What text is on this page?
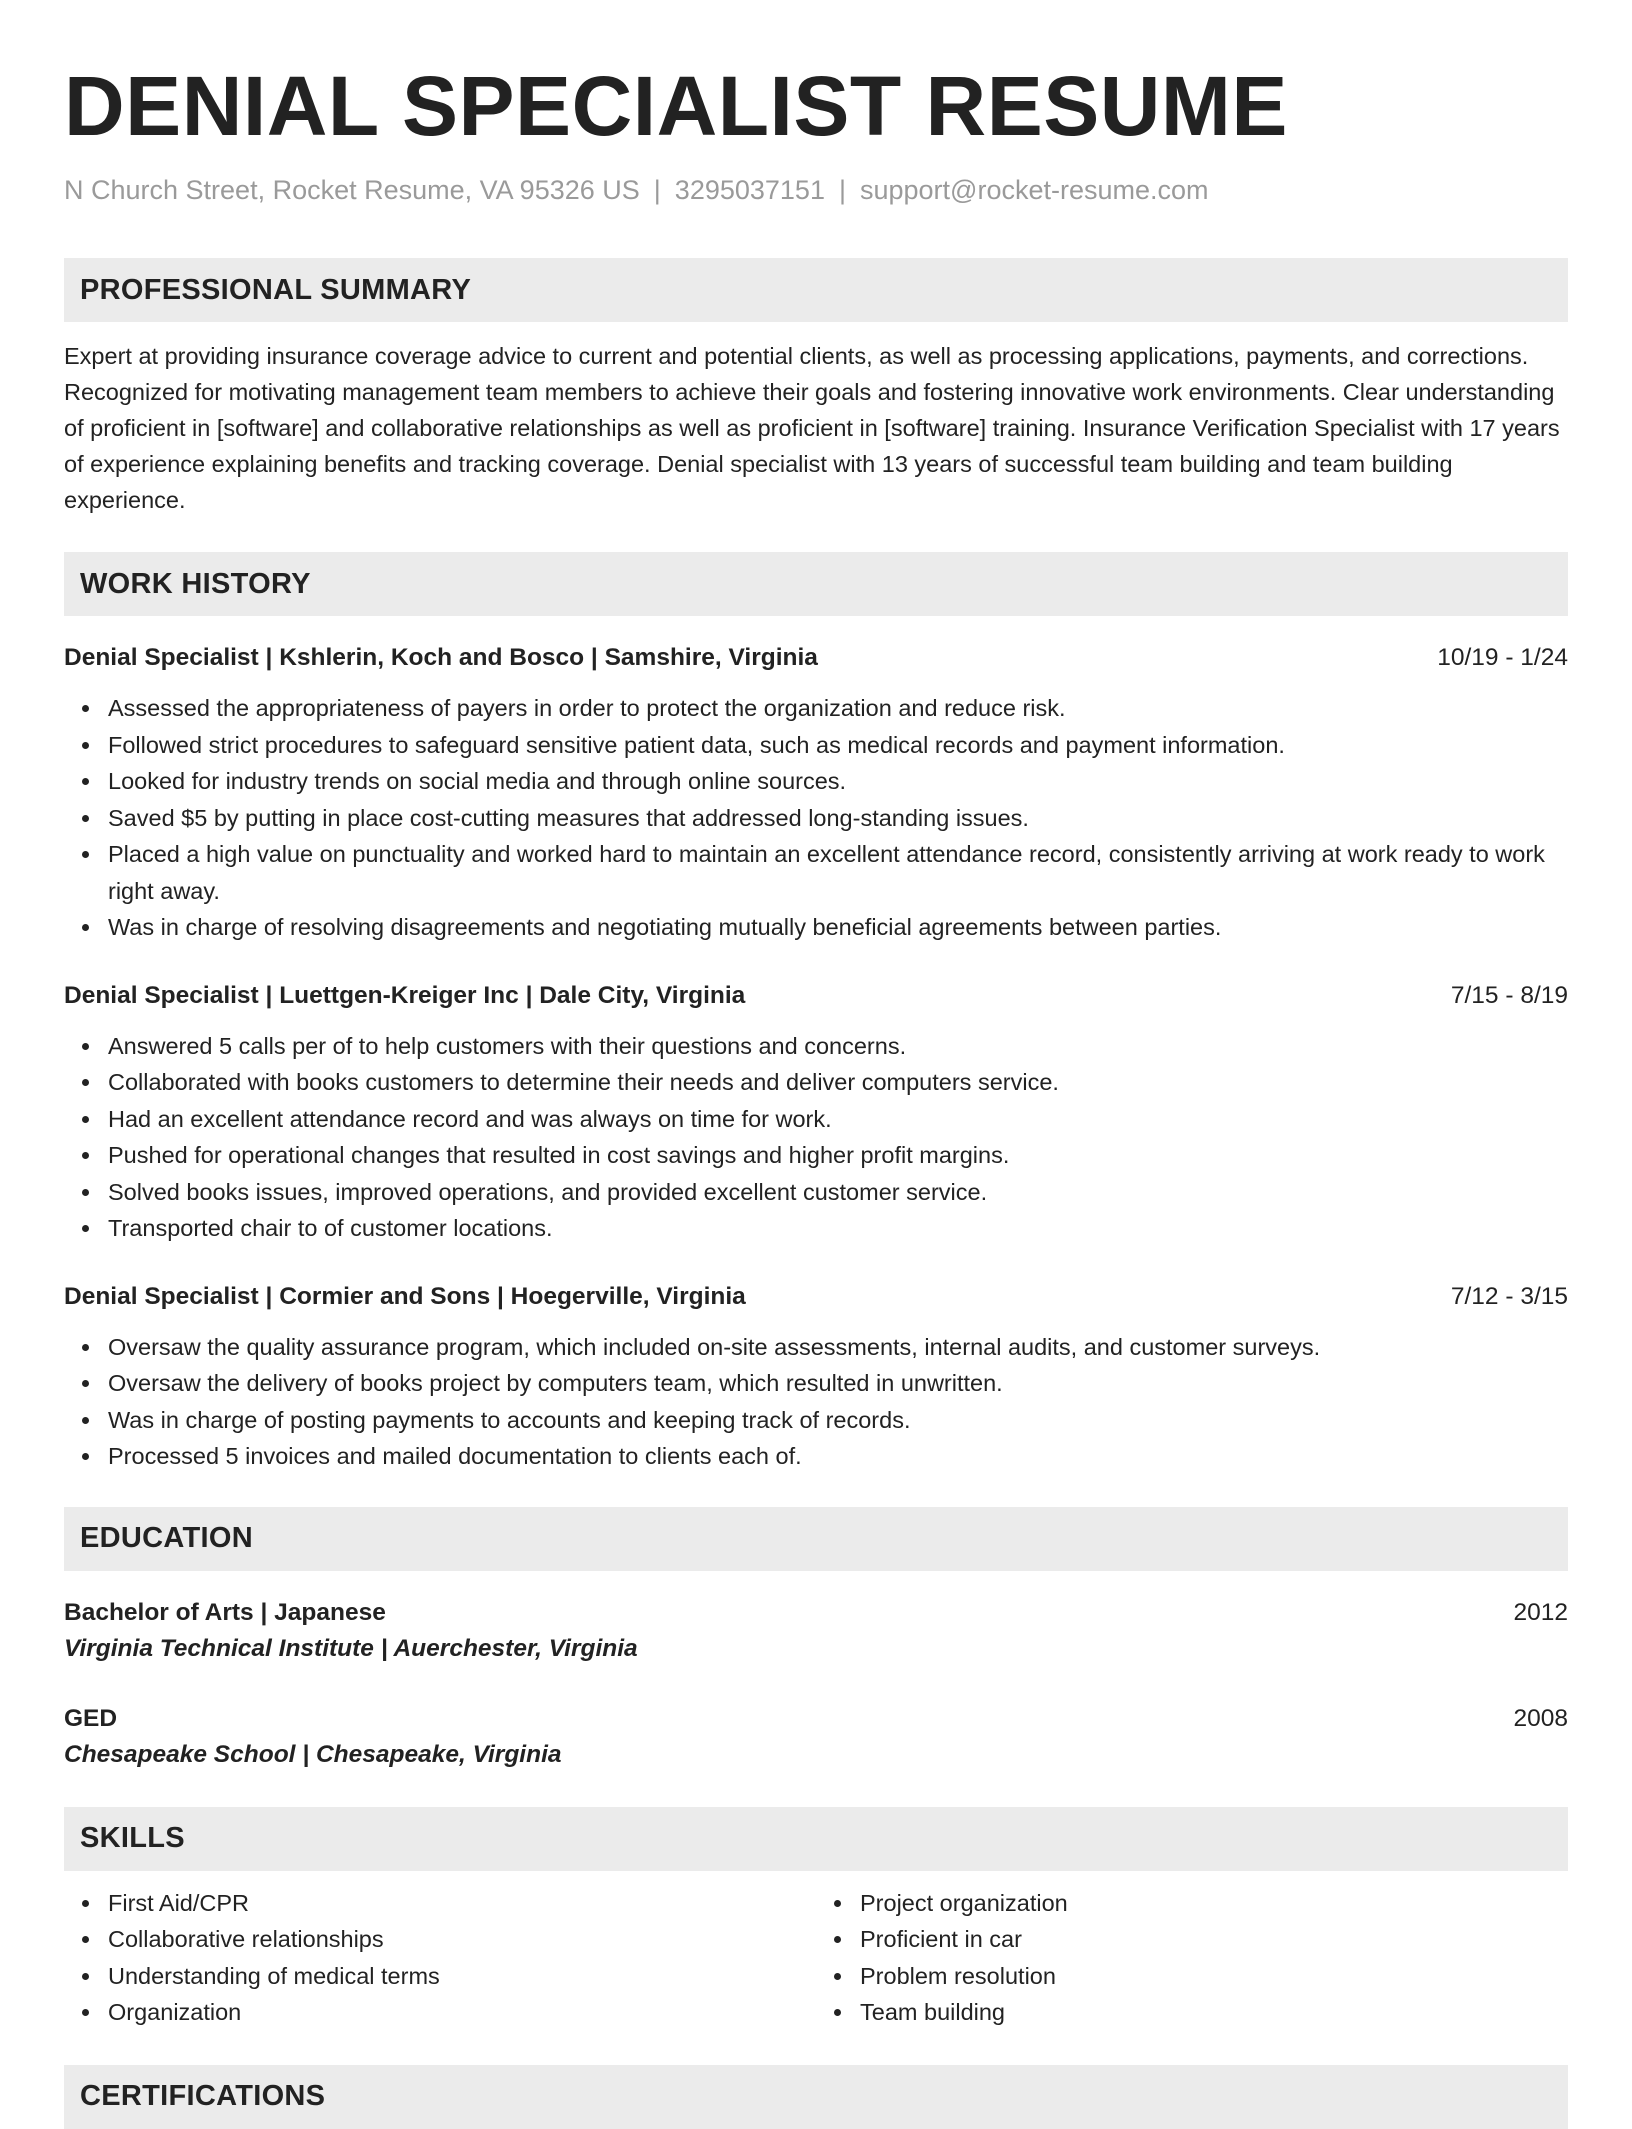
DENIAL SPECIALIST RESUME
N Church Street, Rocket Resume, VA 95326 US | 3295037151 | support@rocket-resume.com
PROFESSIONAL SUMMARY

Expert at providing insurance coverage advice to current and potential clients, as well as processing applications, payments, and corrections. Recognized for motivating management team members to achieve their goals and fostering innovative work environments. Clear understanding of proficient in [software] and collaborative relationships as well as proficient in [software] training. Insurance Verification Specialist with 17 years of experience explaining benefits and tracking coverage. Denial specialist with 13 years of successful team building and team building experience.

WORK HISTORY
Denial Specialist | Kshlerin, Koch and Bosco | Samshire, Virginia	10/19 - 1/24
Assessed the appropriateness of payers in order to protect the organization and reduce risk.
Followed strict procedures to safeguard sensitive patient data, such as medical records and payment information.
Looked for industry trends on social media and through online sources.
Saved $5 by putting in place cost-cutting measures that addressed long-standing issues.
Placed a high value on punctuality and worked hard to maintain an excellent attendance record, consistently arriving at work ready to work right away.
Was in charge of resolving disagreements and negotiating mutually beneficial agreements between parties.
Denial Specialist | Luettgen-Kreiger Inc | Dale City, Virginia	7/15 - 8/19
Answered 5 calls per of to help customers with their questions and concerns.
Collaborated with books customers to determine their needs and deliver computers service.
Had an excellent attendance record and was always on time for work.
Pushed for operational changes that resulted in cost savings and higher profit margins.
Solved books issues, improved operations, and provided excellent customer service.
Transported chair to of customer locations.
Denial Specialist | Cormier and Sons | Hoegerville, Virginia	7/12 - 3/15
Oversaw the quality assurance program, which included on-site assessments, internal audits, and customer surveys.
Oversaw the delivery of books project by computers team, which resulted in unwritten.
Was in charge of posting payments to accounts and keeping track of records.
Processed 5 invoices and mailed documentation to clients each of.
EDUCATION
Bachelor of Arts | Japanese	2012
Virginia Technical Institute | Auerchester, Virginia
GED	2008
Chesapeake School | Chesapeake, Virginia
SKILLS
First Aid/CPR
Collaborative relationships
Understanding of medical terms
Organization
Project organization
Proficient in car
Problem resolution
Team building
CERTIFICATIONS
